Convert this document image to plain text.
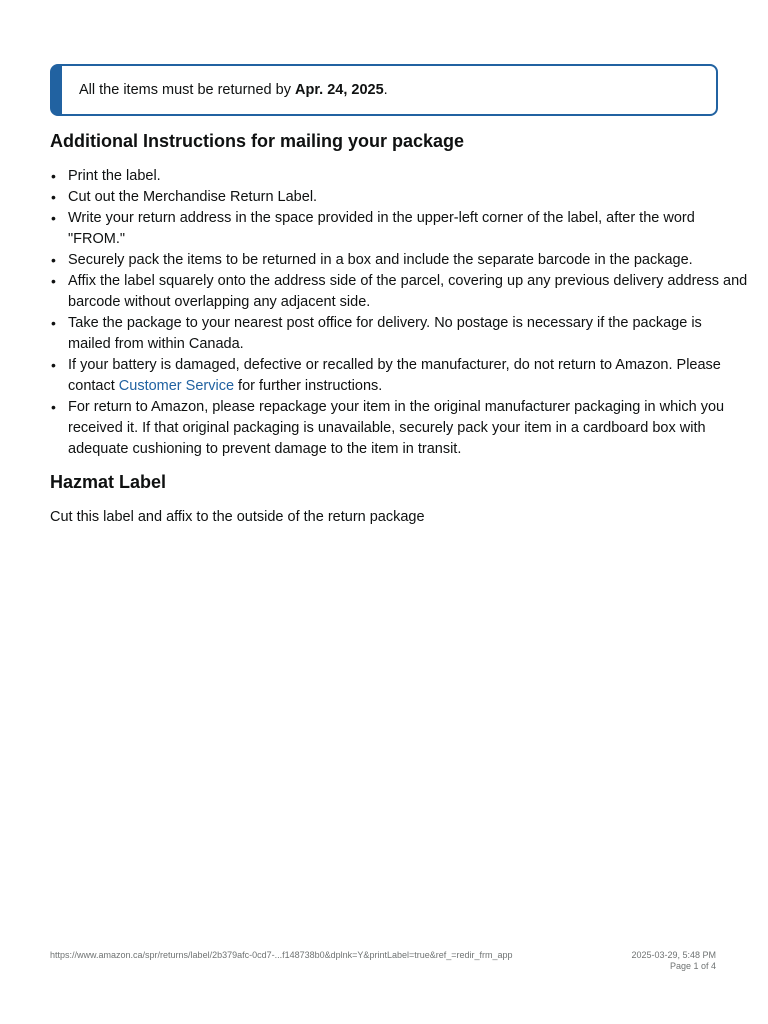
All the items must be returned by Apr. 24, 2025.
Additional Instructions for mailing your package
• Print the label.
• Cut out the Merchandise Return Label.
• Write your return address in the space provided in the upper-left corner of the label, after the word "FROM."
• Securely pack the items to be returned in a box and include the separate barcode in the package.
• Affix the label squarely onto the address side of the parcel, covering up any previous delivery address and barcode without overlapping any adjacent side.
• Take the package to your nearest post office for delivery. No postage is necessary if the package is mailed from within Canada.
• If your battery is damaged, defective or recalled by the manufacturer, do not return to Amazon. Please contact Customer Service for further instructions.
• For return to Amazon, please repackage your item in the original manufacturer packaging in which you received it. If that original packaging is unavailable, securely pack your item in a cardboard box with adequate cushioning to prevent damage to the item in transit.
Hazmat Label

Cut this label and affix to the outside of the return package

https://www.amazon.ca/spr/returns/label/2b379afc-0cd7-...f148738b0&dplnk=Y&printLabel=true&ref_=redir_frm_app	2025-03-29, 5:48 PM
Page 1 of 4
